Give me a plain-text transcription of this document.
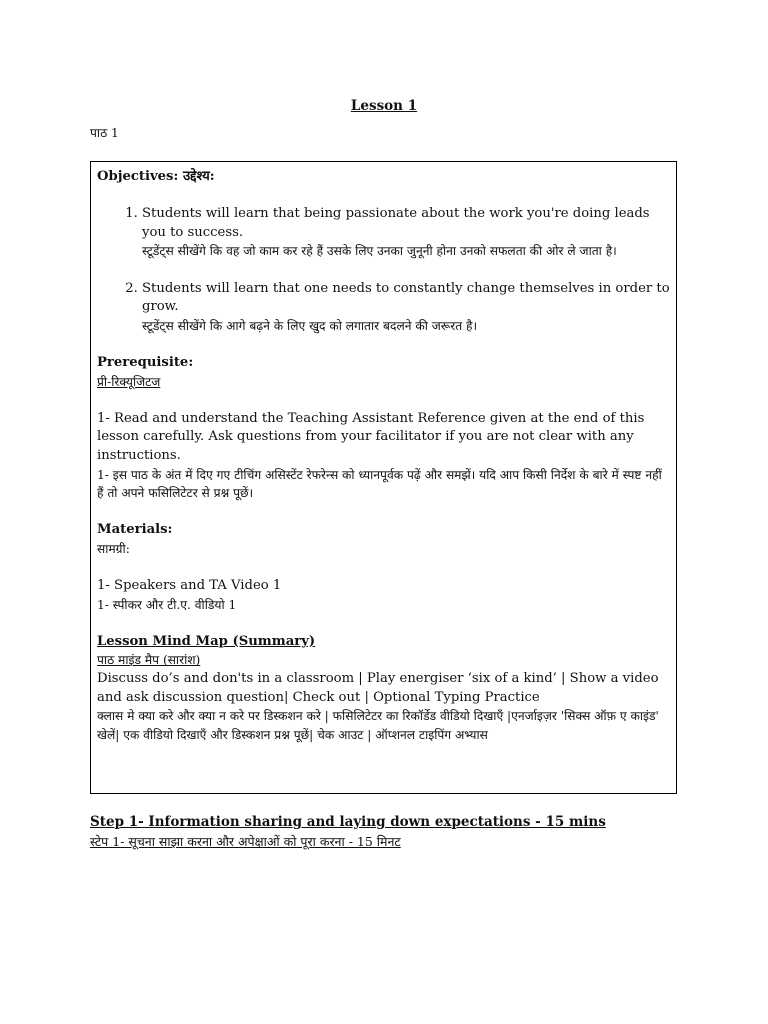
Lesson 1
पाठ 1
Objectives: उद्देश्य:
1. Students will learn that being passionate about the work you're doing leads you to success.
स्टूडेंट्स सीखेंगे कि वह जो काम कर रहे हैं उसके लिए उनका जुनूनी होना उनको सफलता की ओर ले जाता है।
2. Students will learn that one needs to constantly change themselves in order to grow.
स्टूडेंट्स सीखेंगे कि आगे बढ़ने के लिए खुद को लगातार बदलने की जरूरत है।
Prerequisite:
प्री-रिक्यूजिटज

1- Read and understand the Teaching Assistant Reference given at the end of this lesson carefully. Ask questions from your facilitator if you are not clear with any instructions.

1- इस पाठ के अंत में दिए गए टीचिंग असिस्टेंट रेफरेन्स को ध्यानपूर्वक पढ़ें और समझें। यदि आप किसी निर्देश के बारे में स्पष्ट नहीं हैं तो अपने फसिलिटेटर से प्रश्न पूछें।

Materials:
सामग्री:
1- Speakers and TA Video 1
1- स्पीकर और टी.ए. वीडियो 1
Lesson Mind Map (Summary)
पाठ माइंड मैप (सारांश)

Discuss do’s and don'ts in a classroom | Play energiser ‘six of a kind’ | Show a video and ask discussion question| Check out | Optional Typing Practice

क्लास मे क्या करे और क्या न करे पर डिस्कशन करे | फसिलिटेटर का रिकॉर्डेड वीडियो दिखाएँ |एनर्जाइज़र 'सिक्स ऑफ़ ए काइंड' खेलें| एक वीडियो दिखाएँ और डिस्कशन प्रश्न पूछें| चेक आउट | ऑप्शनल टाइपिंग अभ्यास

Step 1- Information sharing and laying down expectations - 15 mins
स्टेप 1- सूचना साझा करना और अपेक्षाओं को पूरा करना - 15 मिनट
